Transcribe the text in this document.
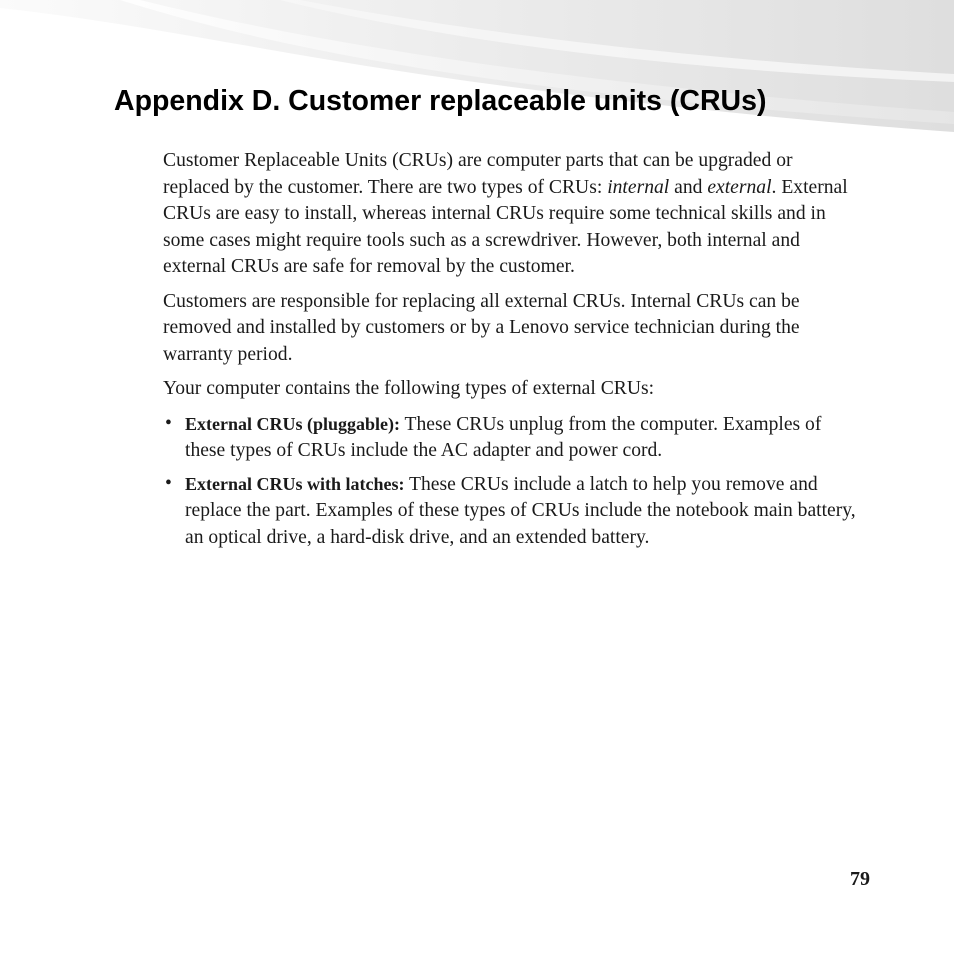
Appendix D. Customer replaceable units (CRUs)

Customer Replaceable Units (CRUs) are computer parts that can be upgraded or replaced by the customer. There are two types of CRUs: internal and external. External CRUs are easy to install, whereas internal CRUs require some technical skills and in some cases might require tools such as a screwdriver. However, both internal and external CRUs are safe for removal by the customer.

Customers are responsible for replacing all external CRUs. Internal CRUs can be removed and installed by customers or by a Lenovo service technician during the warranty period.

Your computer contains the following types of external CRUs:

• External CRUs (pluggable): These CRUs unplug from the computer. Examples of these types of CRUs include the AC adapter and power cord.
• External CRUs with latches: These CRUs include a latch to help you remove and replace the part. Examples of these types of CRUs include the notebook main battery, an optical drive, a hard-disk drive, and an extended battery.
79
